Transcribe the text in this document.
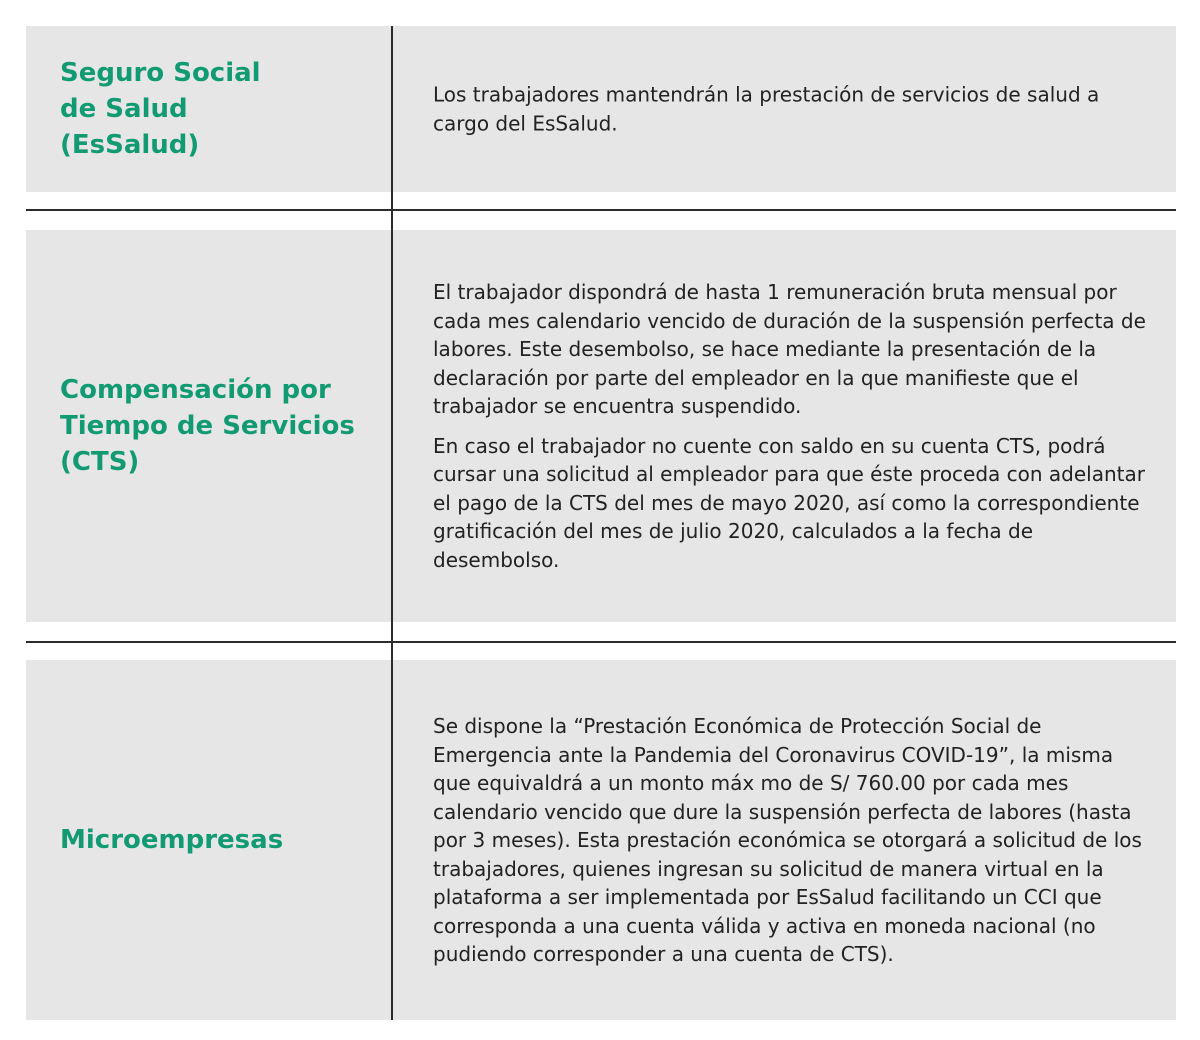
Seguro Social
de Salud
(EsSalud)

Los trabajadores mantendrán la prestación de servicios de salud a cargo del EsSalud.

Compensación por
Tiempo de Servicios
(CTS)

El trabajador dispondrá de hasta 1 remuneración bruta mensual por cada mes calendario vencido de duración de la suspensión perfecta de labores. Este desembolso, se hace mediante la presentación de la declaración por parte del empleador en la que manifieste que el trabajador se encuentra suspendido.

En caso el trabajador no cuente con saldo en su cuenta CTS, podrá cursar una solicitud al empleador para que éste proceda con adelantar el pago de la CTS del mes de mayo 2020, así como la correspondiente gratificación del mes de julio 2020, calculados a la fecha de desembolso.

Microempresas

Se dispone la “Prestación Económica de Protección Social de Emergencia ante la Pandemia del Coronavirus COVID-19”, la misma que equivaldrá a un monto máx mo de S/ 760.00 por cada mes calendario vencido que dure la suspensión perfecta de labores (hasta por 3 meses). Esta prestación económica se otorgará a solicitud de los trabajadores, quienes ingresan su solicitud de manera virtual en la plataforma a ser implementada por EsSalud facilitando un CCI que corresponda a una cuenta válida y activa en moneda nacional (no pudiendo corresponder a una cuenta de CTS).
